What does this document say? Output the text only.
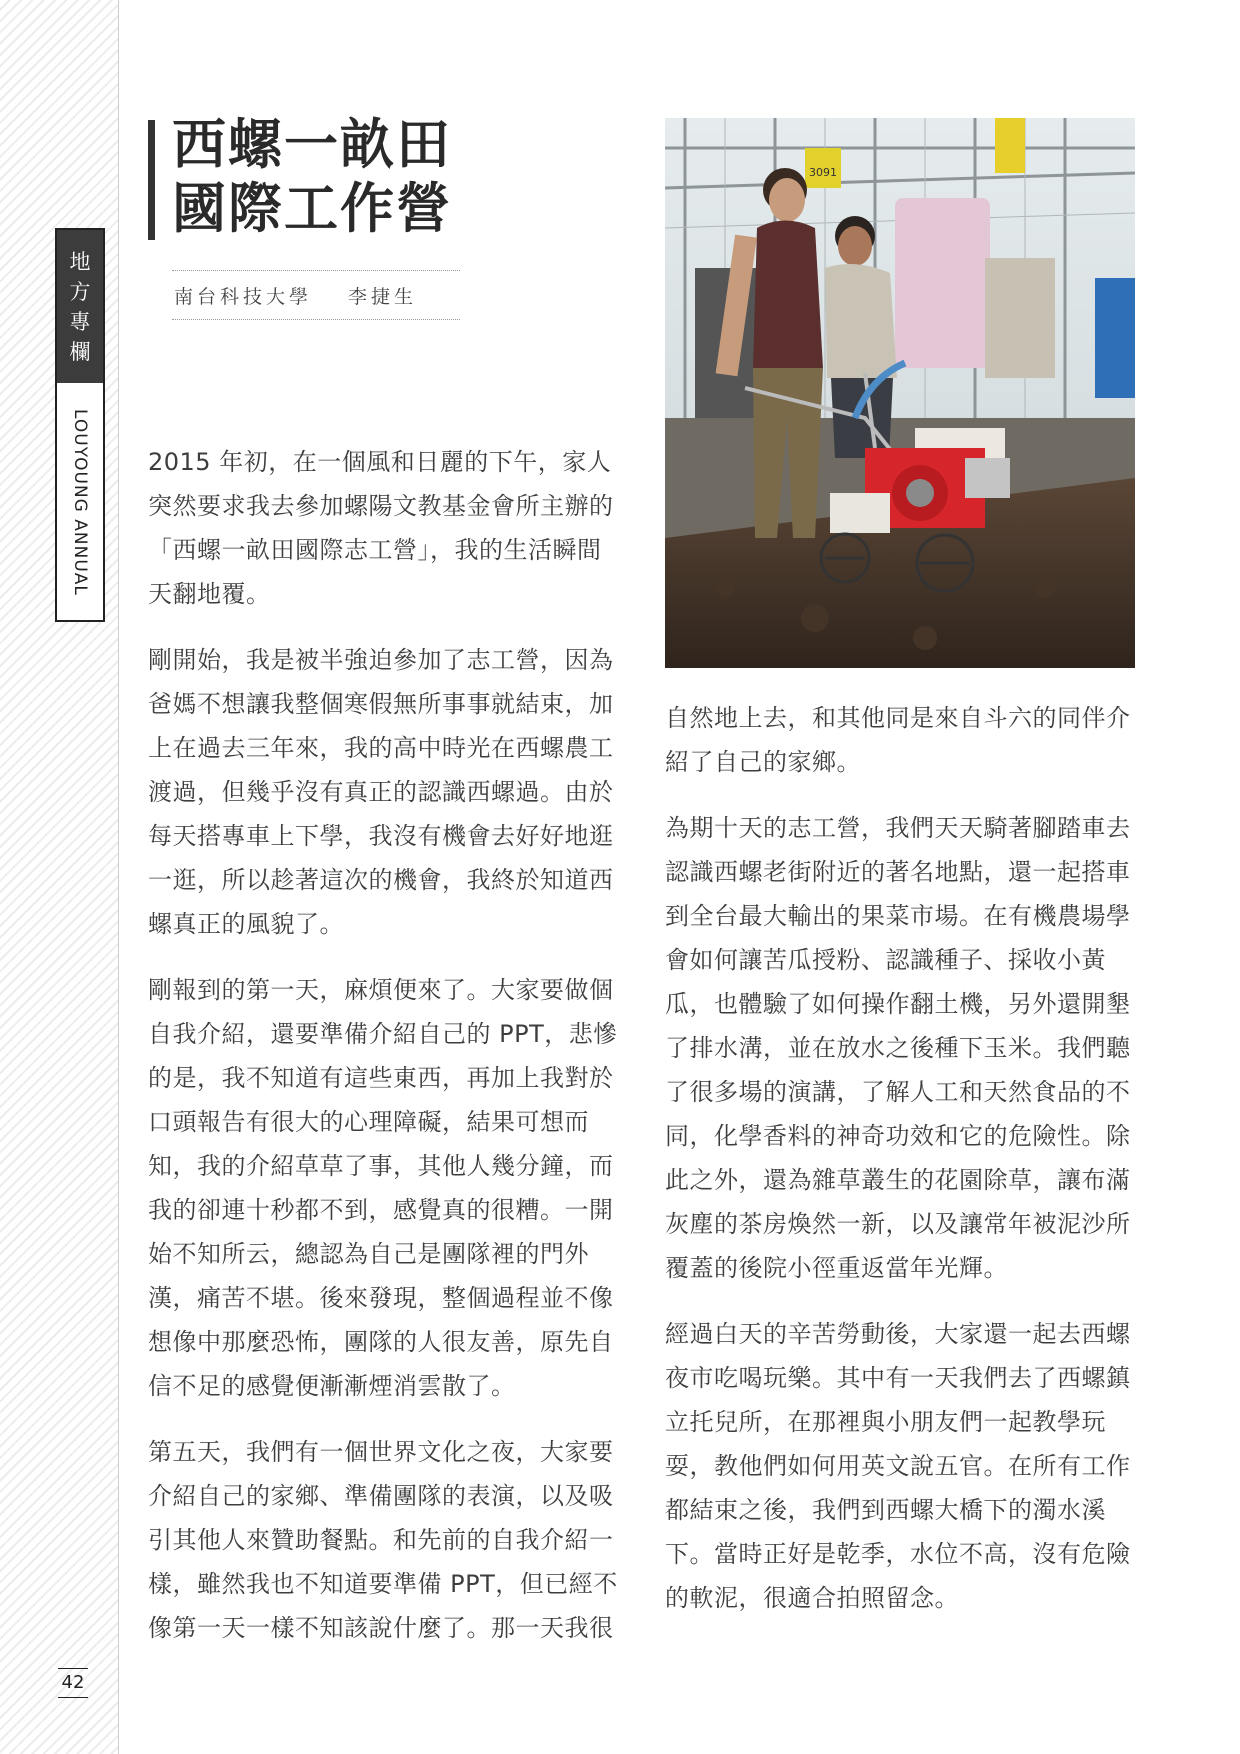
地
方
專
欄
LOUYOUNG ANNUAL
42
西螺一畝田
國際工作營
南台科技大學 李捷生

2015 年初，在一個風和日麗的下午，家人突然要求我去參加螺陽文教基金會所主辦的「西螺一畝田國際志工營」，我的生活瞬間天翻地覆。

剛開始，我是被半強迫參加了志工營，因為爸媽不想讓我整個寒假無所事事就結束，加上在過去三年來，我的高中時光在西螺農工渡過，但幾乎沒有真正的認識西螺過。由於每天搭專車上下學，我沒有機會去好好地逛一逛，所以趁著這次的機會，我終於知道西螺真正的風貌了。

剛報到的第一天，麻煩便來了。大家要做個自我介紹，還要準備介紹自己的 PPT，悲慘的是，我不知道有這些東西，再加上我對於口頭報告有很大的心理障礙，結果可想而知，我的介紹草草了事，其他人幾分鐘，而我的卻連十秒都不到，感覺真的很糟。一開始不知所云，總認為自己是團隊裡的門外漢，痛苦不堪。後來發現，整個過程並不像想像中那麼恐怖，團隊的人很友善，原先自信不足的感覺便漸漸煙消雲散了。

第五天，我們有一個世界文化之夜，大家要介紹自己的家鄉、準備團隊的表演，以及吸引其他人來贊助餐點。和先前的自我介紹一樣，雖然我也不知道要準備 PPT，但已經不像第一天一樣不知該說什麼了。那一天我很

3091

自然地上去，和其他同是來自斗六的同伴介紹了自己的家鄉。

為期十天的志工營，我們天天騎著腳踏車去認識西螺老街附近的著名地點，還一起搭車到全台最大輸出的果菜市場。在有機農場學會如何讓苦瓜授粉、認識種子、採收小黃瓜，也體驗了如何操作翻土機，另外還開墾了排水溝，並在放水之後種下玉米。我們聽了很多場的演講，了解人工和天然食品的不同，化學香料的神奇功效和它的危險性。除此之外，還為雜草叢生的花園除草，讓布滿灰塵的茶房煥然一新，以及讓常年被泥沙所覆蓋的後院小徑重返當年光輝。

經過白天的辛苦勞動後，大家還一起去西螺夜市吃喝玩樂。其中有一天我們去了西螺鎮立托兒所，在那裡與小朋友們一起教學玩耍，教他們如何用英文說五官。在所有工作都結束之後，我們到西螺大橋下的濁水溪下。當時正好是乾季，水位不高，沒有危險的軟泥，很適合拍照留念。
